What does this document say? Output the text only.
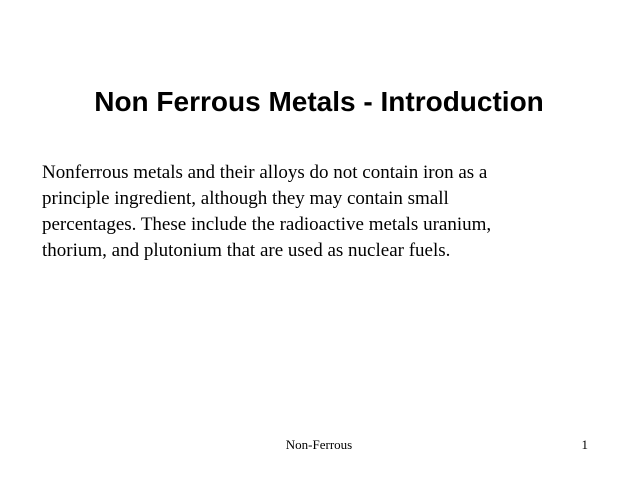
Non Ferrous Metals - Introduction

Nonferrous metals and their alloys do not contain iron as a
principle ingredient, although they may contain small
percentages. These include the radioactive metals uranium,
thorium, and plutonium that are used as nuclear fuels.

Non-Ferrous	1
